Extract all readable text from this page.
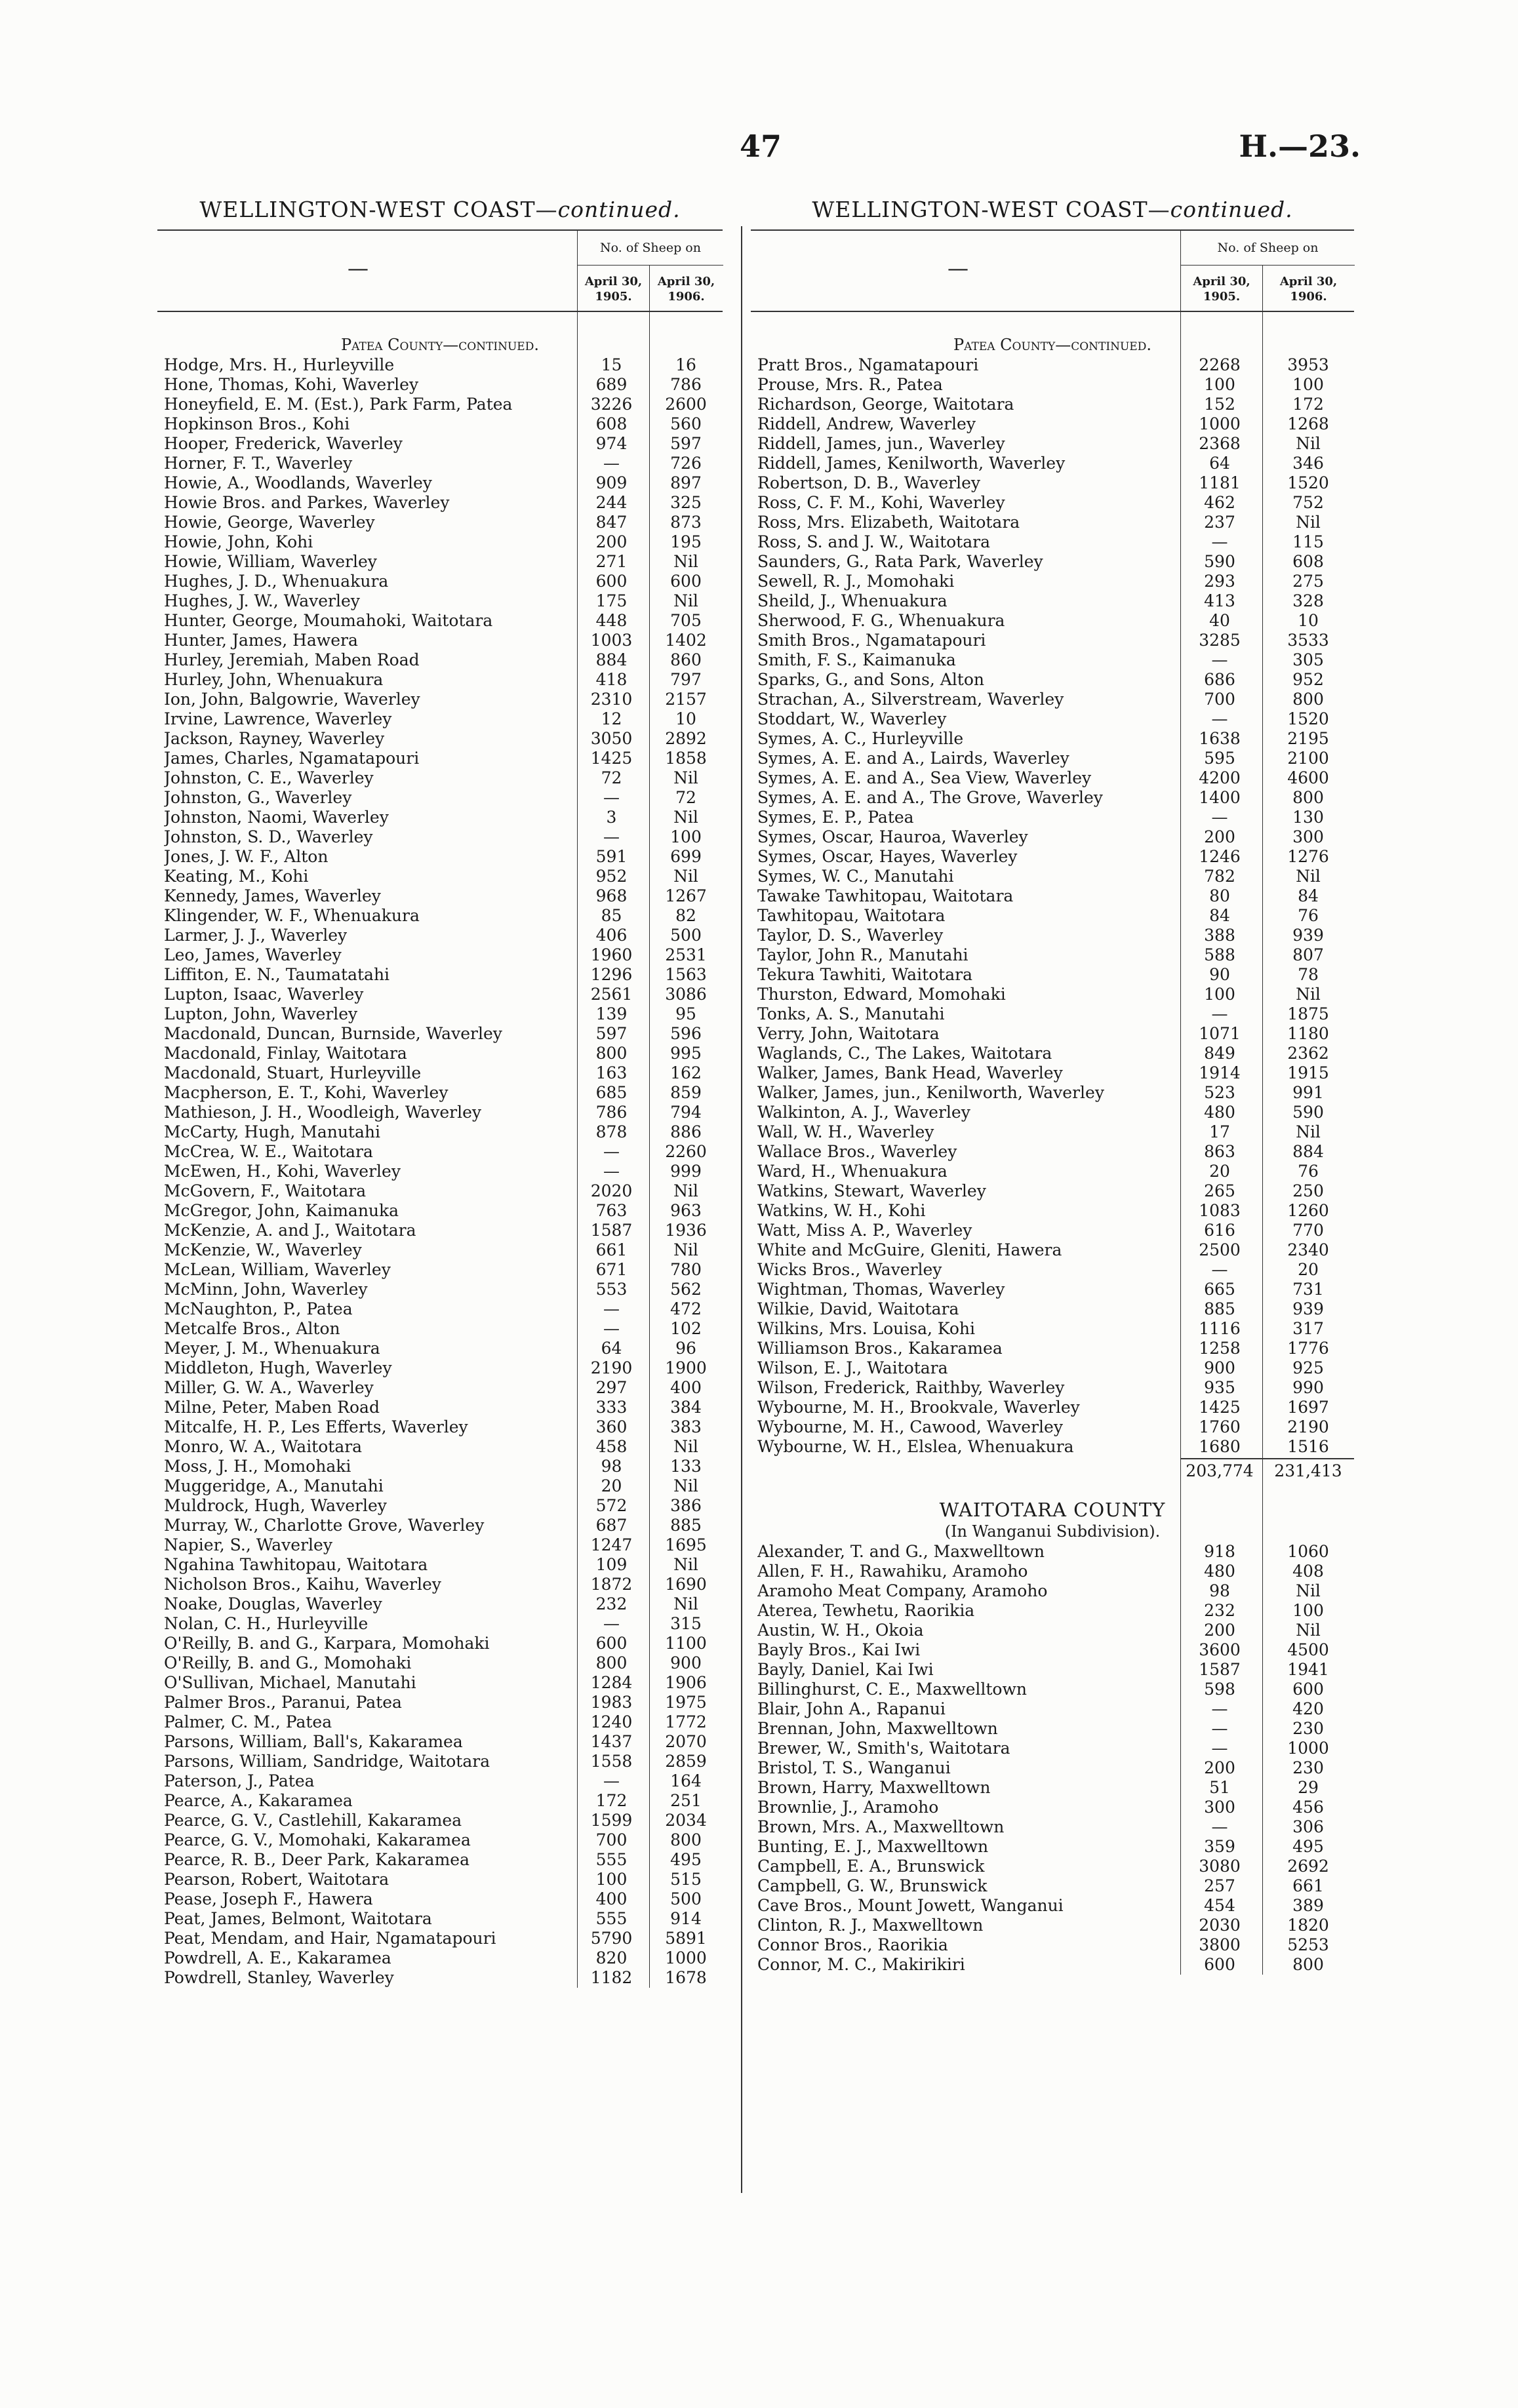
47	H.—23.
WELLINGTON-WEST COAST—continued.
—
No. of Sheep on
April 30,
1905.
April 30,
1906.
Patea County—continued.
Hodge, Mrs. H., Hurleyville	15	16
Hone, Thomas, Kohi, Waverley	689	786
Honeyfield, E. M. (Est.), Park Farm, Patea	3226	2600
Hopkinson Bros., Kohi	608	560
Hooper, Frederick, Waverley	974	597
Horner, F. T., Waverley	—	726
Howie, A., Woodlands, Waverley	909	897
Howie Bros. and Parkes, Waverley	244	325
Howie, George, Waverley	847	873
Howie, John, Kohi	200	195
Howie, William, Waverley	271	Nil
Hughes, J. D., Whenuakura	600	600
Hughes, J. W., Waverley	175	Nil
Hunter, George, Moumahoki, Waitotara	448	705
Hunter, James, Hawera	1003	1402
Hurley, Jeremiah, Maben Road	884	860
Hurley, John, Whenuakura	418	797
Ion, John, Balgowrie, Waverley	2310	2157
Irvine, Lawrence, Waverley	12	10
Jackson, Rayney, Waverley	3050	2892
James, Charles, Ngamatapouri	1425	1858
Johnston, C. E., Waverley	72	Nil
Johnston, G., Waverley	—	72
Johnston, Naomi, Waverley	3	Nil
Johnston, S. D., Waverley	—	100
Jones, J. W. F., Alton	591	699
Keating, M., Kohi	952	Nil
Kennedy, James, Waverley	968	1267
Klingender, W. F., Whenuakura	85	82
Larmer, J. J., Waverley	406	500
Leo, James, Waverley	1960	2531
Liffiton, E. N., Taumatatahi	1296	1563
Lupton, Isaac, Waverley	2561	3086
Lupton, John, Waverley	139	95
Macdonald, Duncan, Burnside, Waverley	597	596
Macdonald, Finlay, Waitotara	800	995
Macdonald, Stuart, Hurleyville	163	162
Macpherson, E. T., Kohi, Waverley	685	859
Mathieson, J. H., Woodleigh, Waverley	786	794
McCarty, Hugh, Manutahi	878	886
McCrea, W. E., Waitotara	—	2260
McEwen, H., Kohi, Waverley	—	999
McGovern, F., Waitotara	2020	Nil
McGregor, John, Kaimanuka	763	963
McKenzie, A. and J., Waitotara	1587	1936
McKenzie, W., Waverley	661	Nil
McLean, William, Waverley	671	780
McMinn, John, Waverley	553	562
McNaughton, P., Patea	—	472
Metcalfe Bros., Alton	—	102
Meyer, J. M., Whenuakura	64	96
Middleton, Hugh, Waverley	2190	1900
Miller, G. W. A., Waverley	297	400
Milne, Peter, Maben Road	333	384
Mitcalfe, H. P., Les Efferts, Waverley	360	383
Monro, W. A., Waitotara	458	Nil
Moss, J. H., Momohaki	98	133
Muggeridge, A., Manutahi	20	Nil
Muldrock, Hugh, Waverley	572	386
Murray, W., Charlotte Grove, Waverley	687	885
Napier, S., Waverley	1247	1695
Ngahina Tawhitopau, Waitotara	109	Nil
Nicholson Bros., Kaihu, Waverley	1872	1690
Noake, Douglas, Waverley	232	Nil
Nolan, C. H., Hurleyville	—	315
O'Reilly, B. and G., Karpara, Momohaki	600	1100
O'Reilly, B. and G., Momohaki	800	900
O'Sullivan, Michael, Manutahi	1284	1906
Palmer Bros., Paranui, Patea	1983	1975
Palmer, C. M., Patea	1240	1772
Parsons, William, Ball's, Kakaramea	1437	2070
Parsons, William, Sandridge, Waitotara	1558	2859
Paterson, J., Patea	—	164
Pearce, A., Kakaramea	172	251
Pearce, G. V., Castlehill, Kakaramea	1599	2034
Pearce, G. V., Momohaki, Kakaramea	700	800
Pearce, R. B., Deer Park, Kakaramea	555	495
Pearson, Robert, Waitotara	100	515
Pease, Joseph F., Hawera	400	500
Peat, James, Belmont, Waitotara	555	914
Peat, Mendam, and Hair, Ngamatapouri	5790	5891
Powdrell, A. E., Kakaramea	820	1000
Powdrell, Stanley, Waverley	1182	1678
WELLINGTON-WEST COAST—continued.
—
No. of Sheep on
April 30,
1905.
April 30,
1906.
Patea County—continued.
Pratt Bros., Ngamatapouri	2268	3953
Prouse, Mrs. R., Patea	100	100
Richardson, George, Waitotara	152	172
Riddell, Andrew, Waverley	1000	1268
Riddell, James, jun., Waverley	2368	Nil
Riddell, James, Kenilworth, Waverley	64	346
Robertson, D. B., Waverley	1181	1520
Ross, C. F. M., Kohi, Waverley	462	752
Ross, Mrs. Elizabeth, Waitotara	237	Nil
Ross, S. and J. W., Waitotara	—	115
Saunders, G., Rata Park, Waverley	590	608
Sewell, R. J., Momohaki	293	275
Sheild, J., Whenuakura	413	328
Sherwood, F. G., Whenuakura	40	10
Smith Bros., Ngamatapouri	3285	3533
Smith, F. S., Kaimanuka	—	305
Sparks, G., and Sons, Alton	686	952
Strachan, A., Silverstream, Waverley	700	800
Stoddart, W., Waverley	—	1520
Symes, A. C., Hurleyville	1638	2195
Symes, A. E. and A., Lairds, Waverley	595	2100
Symes, A. E. and A., Sea View, Waverley	4200	4600
Symes, A. E. and A., The Grove, Waverley	1400	800
Symes, E. P., Patea	—	130
Symes, Oscar, Hauroa, Waverley	200	300
Symes, Oscar, Hayes, Waverley	1246	1276
Symes, W. C., Manutahi	782	Nil
Tawake Tawhitopau, Waitotara	80	84
Tawhitopau, Waitotara	84	76
Taylor, D. S., Waverley	388	939
Taylor, John R., Manutahi	588	807
Tekura Tawhiti, Waitotara	90	78
Thurston, Edward, Momohaki	100	Nil
Tonks, A. S., Manutahi	—	1875
Verry, John, Waitotara	1071	1180
Waglands, C., The Lakes, Waitotara	849	2362
Walker, James, Bank Head, Waverley	1914	1915
Walker, James, jun., Kenilworth, Waverley	523	991
Walkinton, A. J., Waverley	480	590
Wall, W. H., Waverley	17	Nil
Wallace Bros., Waverley	863	884
Ward, H., Whenuakura	20	76
Watkins, Stewart, Waverley	265	250
Watkins, W. H., Kohi	1083	1260
Watt, Miss A. P., Waverley	616	770
White and McGuire, Gleniti, Hawera	2500	2340
Wicks Bros., Waverley	—	20
Wightman, Thomas, Waverley	665	731
Wilkie, David, Waitotara	885	939
Wilkins, Mrs. Louisa, Kohi	1116	317
Williamson Bros., Kakaramea	1258	1776
Wilson, E. J., Waitotara	900	925
Wilson, Frederick, Raithby, Waverley	935	990
Wybourne, M. H., Brookvale, Waverley	1425	1697
Wybourne, M. H., Cawood, Waverley	1760	2190
Wybourne, W. H., Elslea, Whenuakura	1680	1516
203,774	231,413
WAITOTARA COUNTY
(In Wanganui Subdivision).
Alexander, T. and G., Maxwelltown	918	1060
Allen, F. H., Rawahiku, Aramoho	480	408
Aramoho Meat Company, Aramoho	98	Nil
Aterea, Tewhetu, Raorikia	232	100
Austin, W. H., Okoia	200	Nil
Bayly Bros., Kai Iwi	3600	4500
Bayly, Daniel, Kai Iwi	1587	1941
Billinghurst, C. E., Maxwelltown	598	600
Blair, John A., Rapanui	—	420
Brennan, John, Maxwelltown	—	230
Brewer, W., Smith's, Waitotara	—	1000
Bristol, T. S., Wanganui	200	230
Brown, Harry, Maxwelltown	51	29
Brownlie, J., Aramoho	300	456
Brown, Mrs. A., Maxwelltown	—	306
Bunting, E. J., Maxwelltown	359	495
Campbell, E. A., Brunswick	3080	2692
Campbell, G. W., Brunswick	257	661
Cave Bros., Mount Jowett, Wanganui	454	389
Clinton, R. J., Maxwelltown	2030	1820
Connor Bros., Raorikia	3800	5253
Connor, M. C., Makirikiri	600	800
